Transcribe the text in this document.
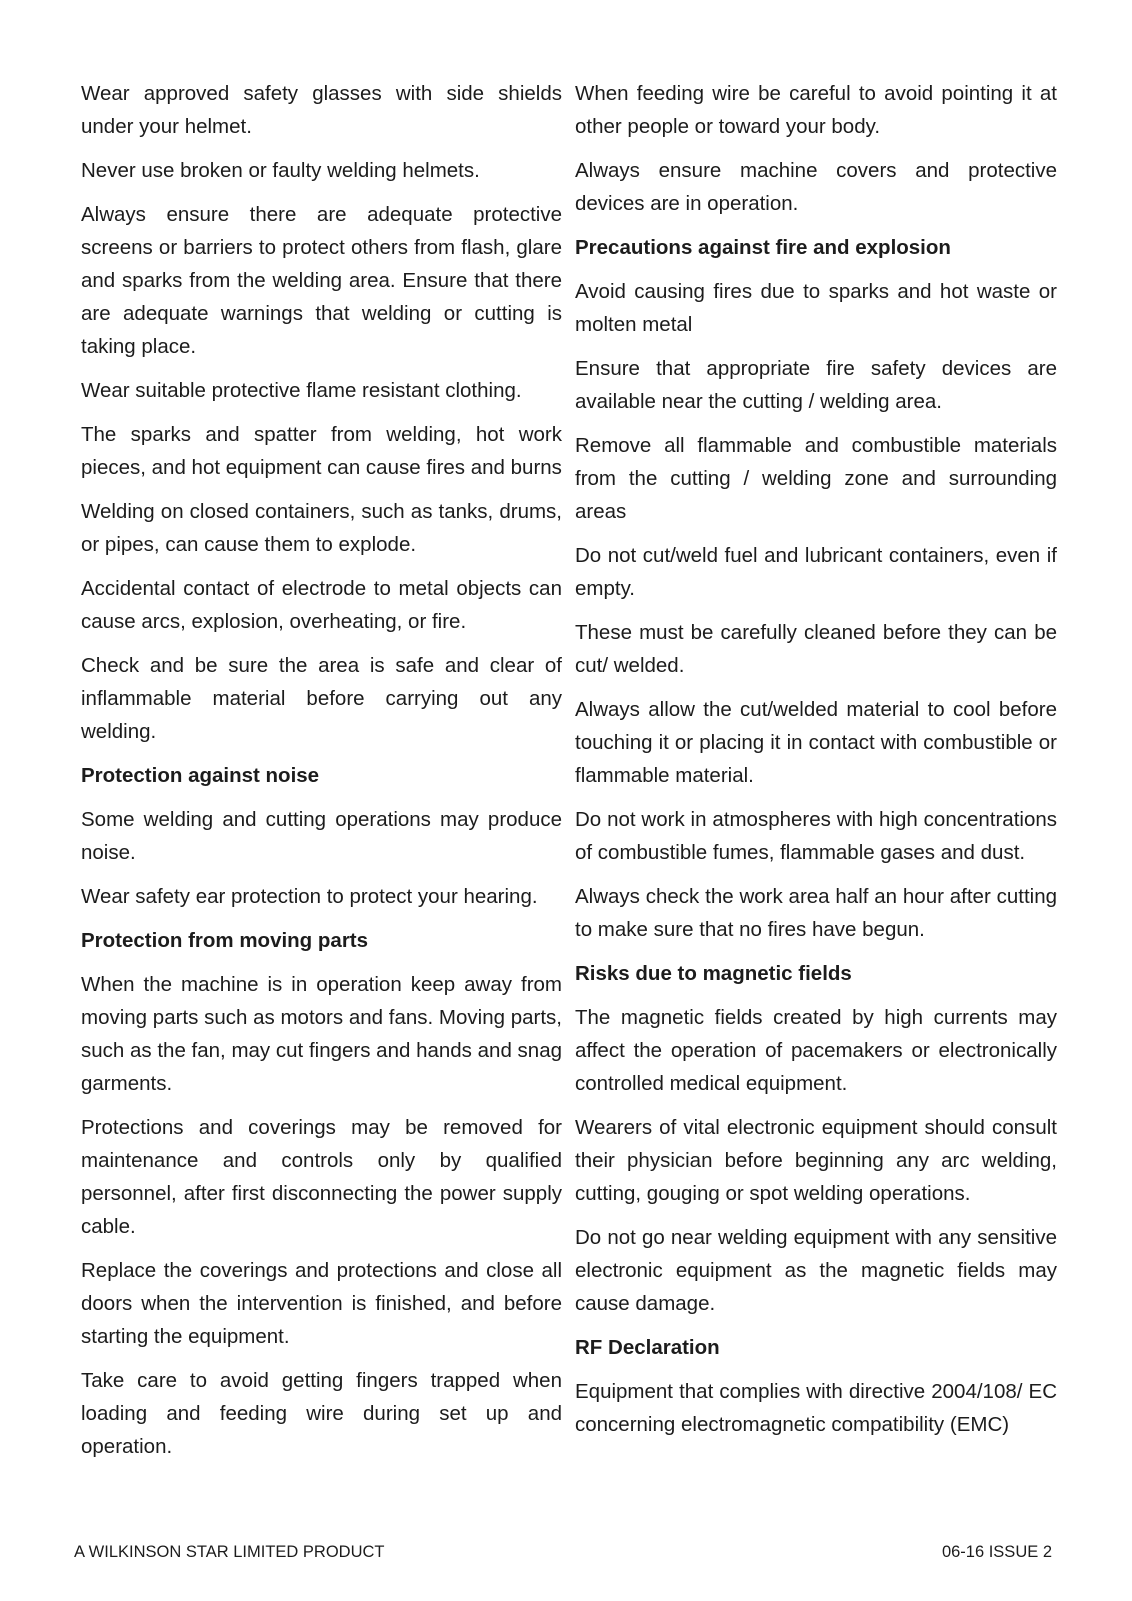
Wear approved safety glasses with side shields under your helmet.

Never use broken or faulty welding helmets.

Always ensure there are adequate protective screens or barriers to protect others from flash, glare and sparks from the welding area. Ensure that there are adequate warnings that welding or cutting is taking place.

Wear suitable protective flame resistant clothing.

The sparks and spatter from welding, hot work pieces, and hot equipment can cause fires and burns

Welding on closed containers, such as tanks, drums, or pipes, can cause them to explode.

Accidental contact of electrode to metal objects can cause arcs, explosion, overheating, or fire.

Check and be sure the area is safe and clear of inflammable material before carrying out any welding.

Protection against noise

Some welding and cutting operations may produce noise.

Wear safety ear protection to protect your hearing.

Protection from moving parts

When the machine is in operation keep away from moving parts such as motors and fans. Moving parts, such as the fan, may cut fingers and hands and snag garments.

Protections and coverings may be removed for maintenance and controls only by qualified personnel, after first disconnecting the power supply cable.

Replace the coverings and protections and close all doors when the intervention is finished, and before starting the equipment.

Take care to avoid getting fingers trapped when loading and feeding wire during set up and operation.

When feeding wire be careful to avoid pointing it at other people or toward your body.

Always ensure machine covers and protective devices are in operation.

Precautions against fire and explosion

Avoid causing fires due to sparks and hot waste or molten metal

Ensure that appropriate fire safety devices are available near the cutting / welding area.

Remove all flammable and combustible materials from the cutting / welding zone and surrounding areas

Do not cut/weld fuel and lubricant containers, even if empty.

These must be carefully cleaned before they can be cut/ welded.

Always allow the cut/welded material to cool before touching it or placing it in contact with combustible or flammable material.

Do not work in atmospheres with high concentrations of combustible fumes, flammable gases and dust.

Always check the work area half an hour after cutting to make sure that no fires have begun.

Risks due to magnetic fields

The magnetic fields created by high currents may affect the operation of pacemakers or electronically controlled medical equipment.

Wearers of vital electronic equipment should consult their physician before beginning any arc welding, cutting, gouging or spot welding operations.

Do not go near welding equipment with any sensitive electronic equipment as the magnetic fields may cause damage.

RF Declaration

Equipment that complies with directive 2004/108/ EC concerning electromagnetic compatibility (EMC)

A WILKINSON STAR LIMITED PRODUCT	06-16 ISSUE 2
